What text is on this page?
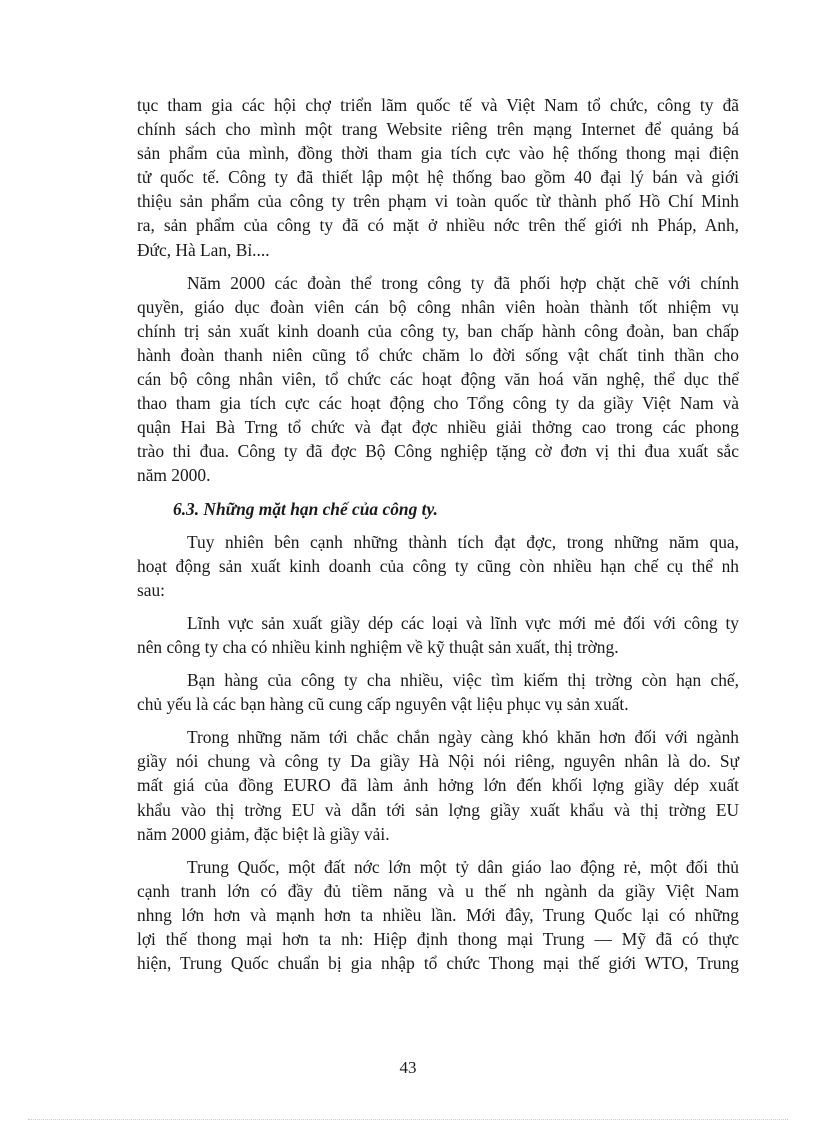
tục tham gia các hội chợ triển lãm quốc tế và Việt Nam tổ chức, công ty đã
chính sách cho mình một trang Website riêng trên mạng Internet để quảng bá
sản phẩm của mình, đồng thời tham gia tích cực vào hệ thống thong mại điện
tử quốc tế. Công ty đã thiết lập một hệ thống bao gồm 40 đại lý bán và giới
thiệu sản phẩm của công ty trên phạm vi toàn quốc từ thành phố Hồ Chí Minh
ra, sản phẩm của công ty đã có mặt ở nhiều nớc trên thế giới nh Pháp, Anh,
Đức, Hà Lan, Bỉ....

Năm 2000 các đoàn thể trong công ty đã phối hợp chặt chẽ với chính
quyền, giáo dục đoàn viên cán bộ công nhân viên hoàn thành tốt nhiệm vụ
chính trị sản xuất kinh doanh của công ty, ban chấp hành công đoàn, ban chấp
hành đoàn thanh niên cũng tổ chức chăm lo đời sống vật chất tinh thần cho
cán bộ công nhân viên, tổ chức các hoạt động văn hoá văn nghệ, thể dục thể
thao tham gia tích cực các hoạt động cho Tổng công ty da giầy Việt Nam và
quận Hai Bà Trng tổ chức và đạt đợc nhiều giải thởng cao trong các phong
trào thi đua. Công ty đã đợc Bộ Công nghiệp tặng cờ đơn vị thi đua xuất sắc
năm 2000.

6.3. Những mặt hạn chế của công ty.

Tuy nhiên bên cạnh những thành tích đạt đợc, trong những năm qua,
hoạt động sản xuất kinh doanh của công ty cũng còn nhiều hạn chế cụ thể nh
sau:

Lĩnh vực sản xuất giầy dép các loại và lĩnh vực mới mẻ đối với công ty
nên công ty cha có nhiều kinh nghiệm về kỹ thuật sản xuất, thị trờng.

Bạn hàng của công ty cha nhiều, việc tìm kiếm thị trờng còn hạn chế,
chủ yếu là các bạn hàng cũ cung cấp nguyên vật liệu phục vụ sản xuất.

Trong những năm tới chắc chắn ngày càng khó khăn hơn đối với ngành
giầy nói chung và công ty Da giầy Hà Nội nói riêng, nguyên nhân là do. Sự
mất giá của đồng EURO đã làm ảnh hởng lớn đến khối lợng giầy dép xuất
khẩu vào thị trờng EU và dẫn tới sản lợng giầy xuất khẩu và thị trờng EU
năm 2000 giảm, đặc biệt là giầy vải.

Trung Quốc, một đất nớc lớn một tỷ dân giáo lao động rẻ, một đối thủ
cạnh tranh lớn có đầy đủ tiềm năng và u thế nh ngành da giầy Việt Nam
nhng lớn hơn và mạnh hơn ta nhiều lần. Mới đây, Trung Quốc lại có những
lợi thế thong mại hơn ta nh: Hiệp định thong mại Trung — Mỹ đã có thực
hiện, Trung Quốc chuẩn bị gia nhập tổ chức Thong mại thế giới WTO, Trung

43
